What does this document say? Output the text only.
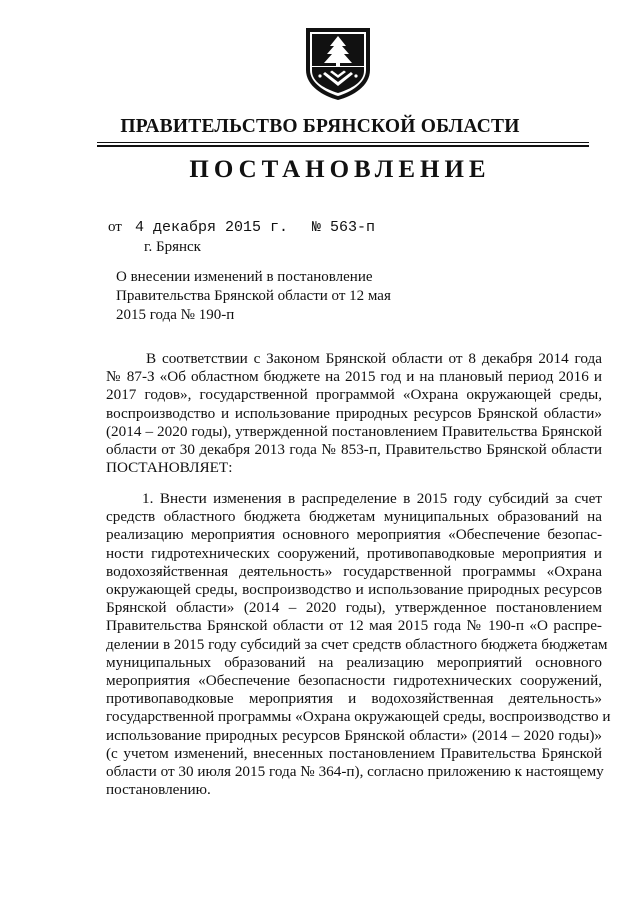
ПРАВИТЕЛЬСТВО БРЯНСКОЙ ОБЛАСТИ
ПОСТАНОВЛЕНИЕ
от 4 декабря 2015 г. № 563-п
г. Брянск
О внесении изменений в постановление
Правительства Брянской области от 12 мая
2015 года № 190-п
В соответствии с Законом Брянской области от 8 декабря 2014 года
№ 87-З «Об областном бюджете на 2015 год и на плановый период 2016 и
2017 годов», государственной программой «Охрана окружающей среды,
воспроизводство и использование природных ресурсов Брянской области»
(2014 – 2020 годы), утвержденной постановлением Правительства Брянской
области от 30 декабря 2013 года № 853-п, Правительство Брянской области
ПОСТАНОВЛЯЕТ:
1. Внести изменения в распределение в 2015 году субсидий за счет
средств областного бюджета бюджетам муниципальных образований на
реализацию мероприятия основного мероприятия «Обеспечение безопас-
ности гидротехнических сооружений, противопаводковые мероприятия и
водохозяйственная деятельность» государственной программы «Охрана
окружающей среды, воспроизводство и использование природных ресурсов
Брянской области» (2014 – 2020 годы), утвержденное постановлением
Правительства Брянской области от 12 мая 2015 года № 190-п «О распре-
делении в 2015 году субсидий за счет средств областного бюджета бюджетам
муниципальных образований на реализацию мероприятий основного
мероприятия «Обеспечение безопасности гидротехнических сооружений,
противопаводковые мероприятия и водохозяйственная деятельность»
государственной программы «Охрана окружающей среды, воспроизводство и
использование природных ресурсов Брянской области» (2014 – 2020 годы)»
(с учетом изменений, внесенных постановлением Правительства Брянской
области от 30 июля 2015 года № 364-п), согласно приложению к настоящему
постановлению.
